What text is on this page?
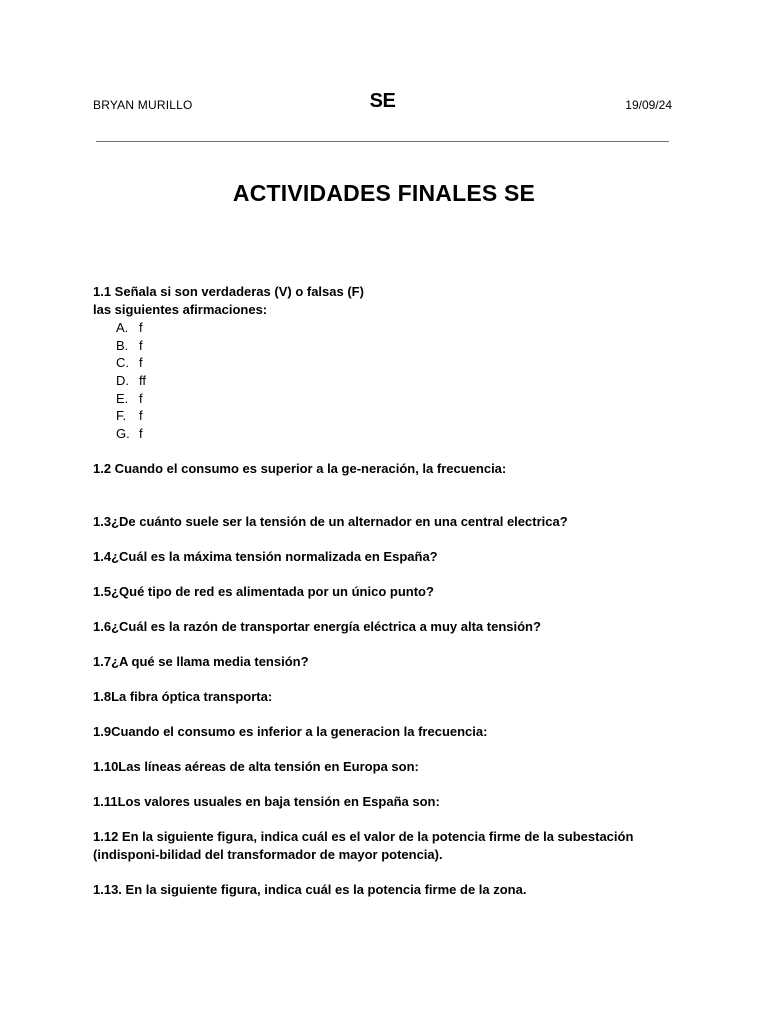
BRYAN MURILLO	SE	19/09/24
ACTIVIDADES FINALES SE

1.1 Señala si son verdaderas (V) o falsas (F)
las siguientes afirmaciones:

A. f
B. f
C. f
D. ff
E. f
F. f
G. f

1.2 Cuando el consumo es superior a la ge-neración, la frecuencia:

1.3¿De cuánto suele ser la tensión de un alternador en una central electrica?

1.4¿Cuál es la máxima tensión normalizada en España?

1.5¿Qué tipo de red es alimentada por un único punto?

1.6¿Cuál es la razón de transportar energía eléctrica a muy alta tensión?

1.7¿A qué se llama media tensión?

1.8La fibra óptica transporta:

1.9Cuando el consumo es inferior a la generacion la frecuencia:

1.10Las líneas aéreas de alta tensión en Europa son:

1.11Los valores usuales en baja tensión en España son:

1.12 En la siguiente figura, indica cuál es el valor de la potencia firme de la subestación (indisponi-bilidad del transformador de mayor potencia).

1.13. En la siguiente figura, indica cuál es la potencia firme de la zona.
